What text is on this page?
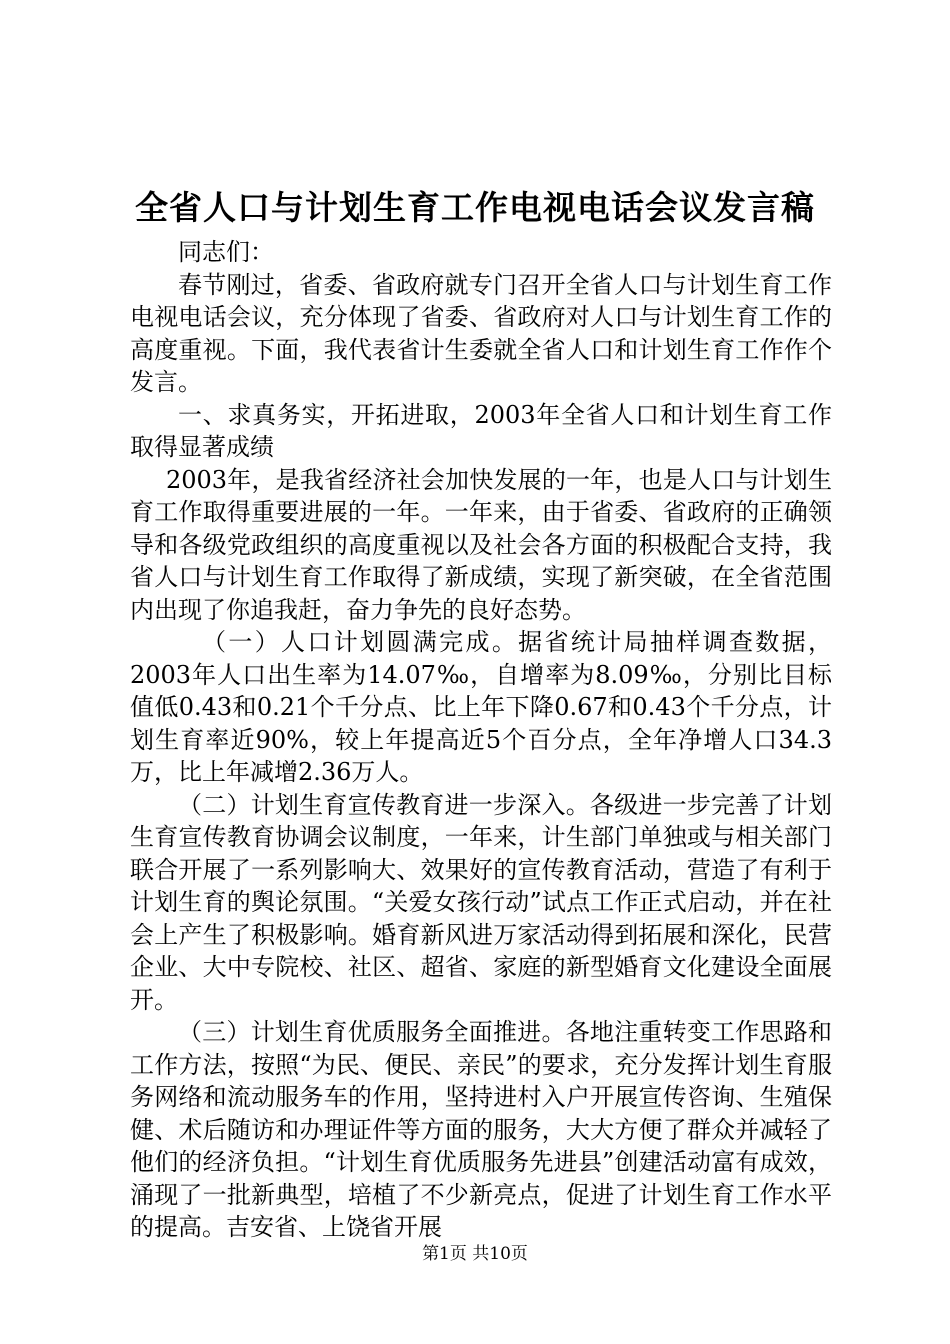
全省人口与计划生育工作电视电话会议发言稿

同志们：

春节刚过，省委、省政府就专门召开全省人口与计划生育工作电视电话会议，充分体现了省委、省政府对人口与计划生育工作的高度重视。下面，我代表省计生委就全省人口和计划生育工作作个发言。

一、求真务实，开拓进取，2003年全省人口和计划生育工作取得显著成绩

2003年，是我省经济社会加快发展的一年，也是人口与计划生育工作取得重要进展的一年。一年来，由于省委、省政府的正确领导和各级党政组织的高度重视以及社会各方面的积极配合支持，我省人口与计划生育工作取得了新成绩，实现了新突破，在全省范围内出现了你追我赶，奋力争先的良好态势。

（一）人口计划圆满完成。据省统计局抽样调查数据，2003年人口出生率为14.07‰，自增率为8.09‰，分别比目标值低0.43和0.21个千分点、比上年下降0.67和0.43个千分点，计划生育率近90%，较上年提高近5个百分点，全年净增人口34.3万，比上年减增2.36万人。

（二）计划生育宣传教育进一步深入。各级进一步完善了计划生育宣传教育协调会议制度，一年来，计生部门单独或与相关部门联合开展了一系列影响大、效果好的宣传教育活动，营造了有利于计划生育的舆论氛围。“关爱女孩行动”试点工作正式启动，并在社会上产生了积极影响。婚育新风进万家活动得到拓展和深化，民营企业、大中专院校、社区、超省、家庭的新型婚育文化建设全面展开。

（三）计划生育优质服务全面推进。各地注重转变工作思路和工作方法，按照“为民、便民、亲民”的要求，充分发挥计划生育服务网络和流动服务车的作用，坚持进村入户开展宣传咨询、生殖保健、术后随访和办理证件等方面的服务，大大方便了群众并减轻了他们的经济负担。“计划生育优质服务先进县”创建活动富有成效，涌现了一批新典型，培植了不少新亮点，促进了计划生育工作水平的提高。吉安省、上饶省开展

第1页 共10页
